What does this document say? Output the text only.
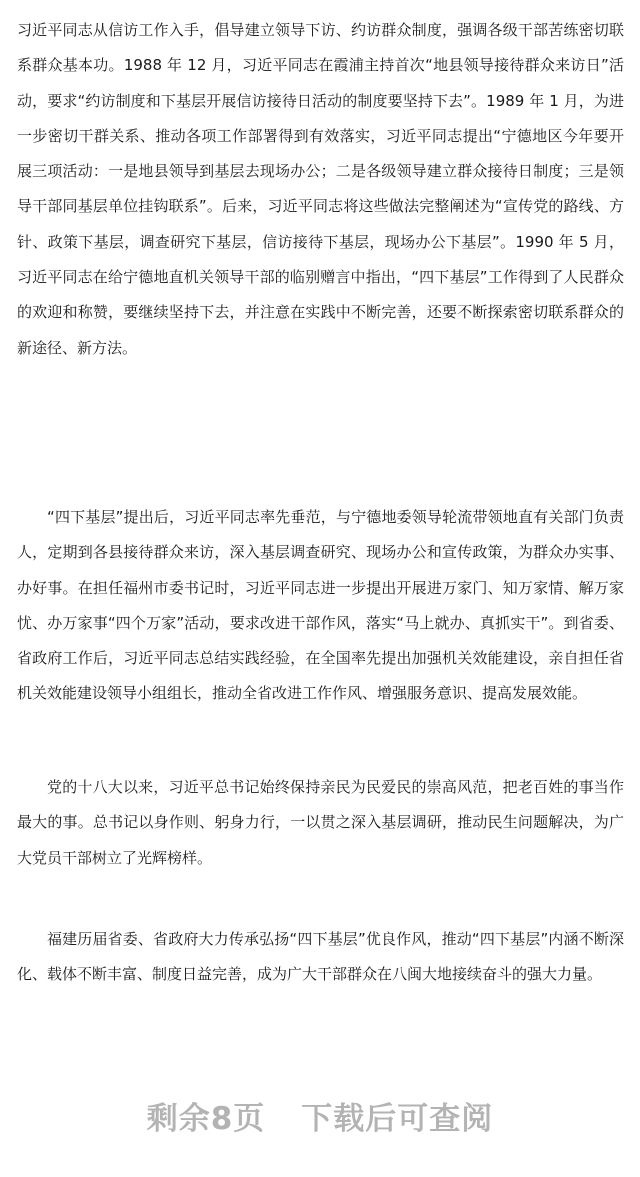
习近平同志从信访工作入手，倡导建立领导下访、约访群众制度，强调各级干部苦练密切联系群众基本功。1988 年 12 月，习近平同志在霞浦主持首次“地县领导接待群众来访日”活动，要求“约访制度和下基层开展信访接待日活动的制度要坚持下去”。1989 年 1 月，为进一步密切干群关系、推动各项工作部署得到有效落实，习近平同志提出“宁德地区今年要开展三项活动：一是地县领导到基层去现场办公；二是各级领导建立群众接待日制度；三是领导干部同基层单位挂钩联系”。后来，习近平同志将这些做法完整阐述为“宣传党的路线、方针、政策下基层，调查研究下基层，信访接待下基层，现场办公下基层”。1990 年 5 月，习近平同志在给宁德地直机关领导干部的临别赠言中指出，“四下基层”工作得到了人民群众的欢迎和称赞，要继续坚持下去，并注意在实践中不断完善，还要不断探索密切联系群众的新途径、新方法。

“四下基层”提出后，习近平同志率先垂范，与宁德地委领导轮流带领地直有关部门负责人，定期到各县接待群众来访，深入基层调查研究、现场办公和宣传政策，为群众办实事、办好事。在担任福州市委书记时，习近平同志进一步提出开展进万家门、知万家情、解万家忧、办万家事“四个万家”活动，要求改进干部作风，落实“马上就办、真抓实干”。到省委、省政府工作后，习近平同志总结实践经验，在全国率先提出加强机关效能建设，亲自担任省机关效能建设领导小组组长，推动全省改进工作作风、增强服务意识、提高发展效能。

党的十八大以来，习近平总书记始终保持亲民为民爱民的崇高风范，把老百姓的事当作最大的事。总书记以身作则、躬身力行，一以贯之深入基层调研，推动民生问题解决，为广大党员干部树立了光辉榜样。

福建历届省委、省政府大力传承弘扬“四下基层”优良作风，推动“四下基层”内涵不断深化、载体不断丰富、制度日益完善，成为广大干部群众在八闽大地接续奋斗的强大力量。

剩余8页 下载后可查阅
